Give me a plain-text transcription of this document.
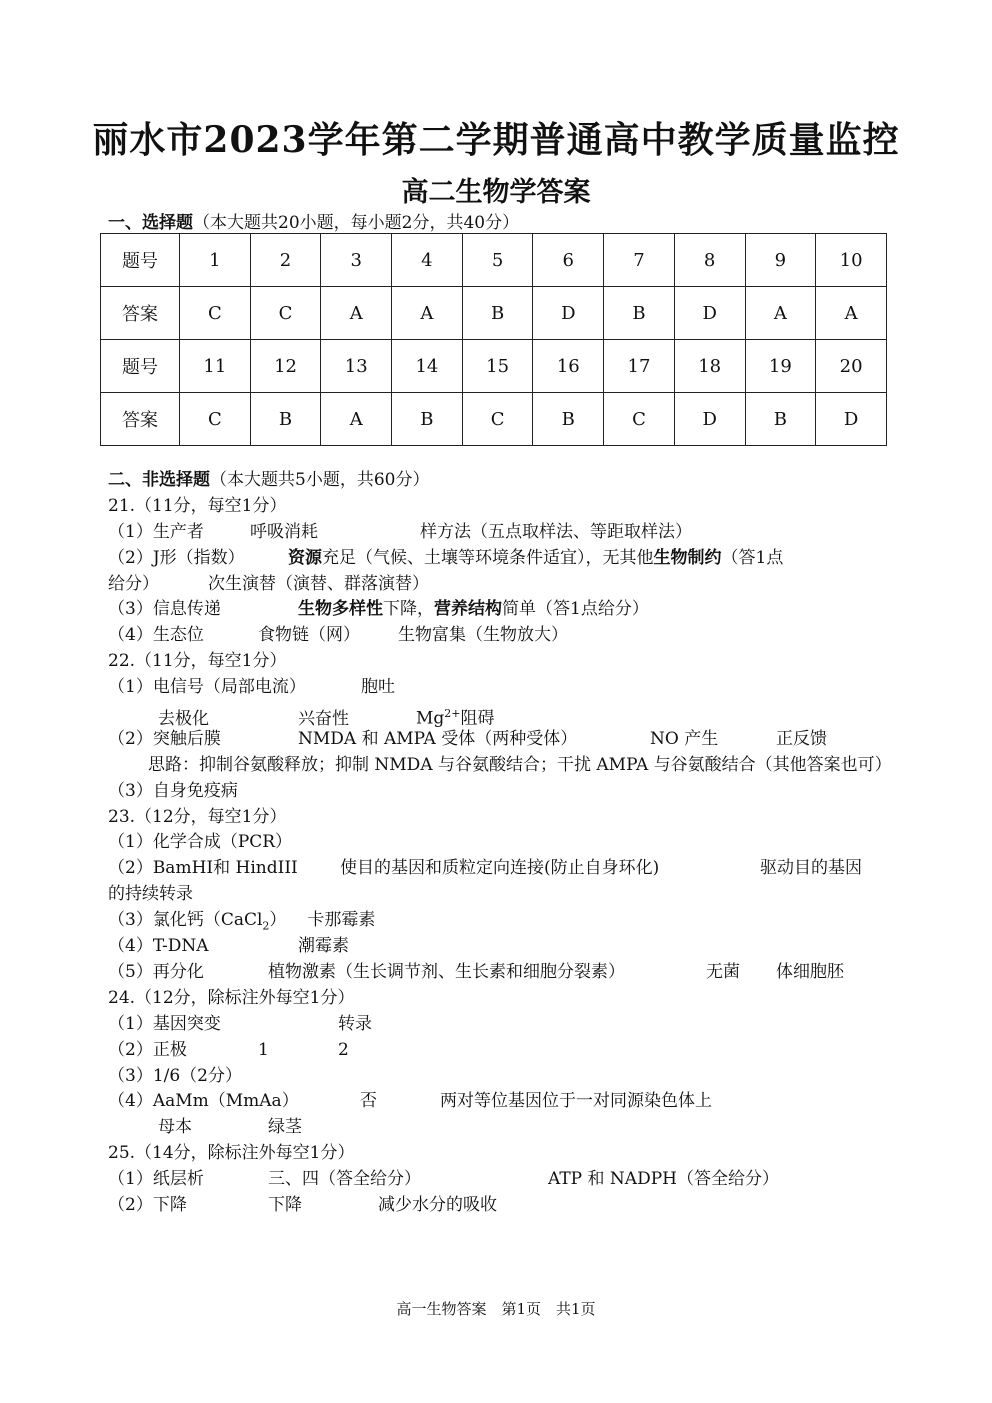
丽水市2023学年第二学期普通高中教学质量监控
高二生物学答案
一、选择题（本大题共20小题，每小题2分，共40分）
题号	1	2	3	4	5	6	7	8	9	10
答案	C	C	A	A	B	D	B	D	A	A
题号	11	12	13	14	15	16	17	18	19	20
答案	C	B	A	B	C	B	C	D	B	D
二、非选择题（本大题共5小题，共60分）
21.（11分，每空1分）
（1）生产者	呼吸消耗	样方法（五点取样法、等距取样法）
（2）J形（指数）	资源充足（气候、土壤等环境条件适宜），无其他生物制约（答1点
给分）	次生演替（演替、群落演替）
（3）信息传递	生物多样性下降，营养结构简单（答1点给分）
（4）生态位	食物链（网） 生物富集（生物放大）
22.（11分，每空1分）
（1）电信号（局部电流）	胞吐
去极化	兴奋性	$Mg^{2+}$阻碍
（2）突触后膜	NMDA 和 AMPA 受体（两种受体）	NO 产生	正反馈
思路：抑制谷氨酸释放；抑制 NMDA 与谷氨酸结合；干扰 AMPA 与谷氨酸结合（其他答案也可）
（3）自身免疫病
23.（12分，每空1分）
（1）化学合成（PCR）
（2）BamHI和 HindIII 使目的基因和质粒定向连接(防止自身环化)	驱动目的基因
的持续转录
（3）氯化钙（CaCl$_2$） 卡那霉素
（4）T-DNA	潮霉素
（5）再分化	植物激素（生长调节剂、生长素和细胞分裂素）	无菌 体细胞胚
24.（12分，除标注外每空1分）
（1）基因突变	转录
（2）正极	1	2
（3）1/6（2分）
（4）AaMm（MmAa）	否	两对等位基因位于一对同源染色体上
母本	绿茎
25.（14分，除标注外每空1分）
（1）纸层析	三、四（答全给分）	ATP 和 NADPH（答全给分）
（2）下降	下降	减少水分的吸收
高一生物答案　第1页　共1页
